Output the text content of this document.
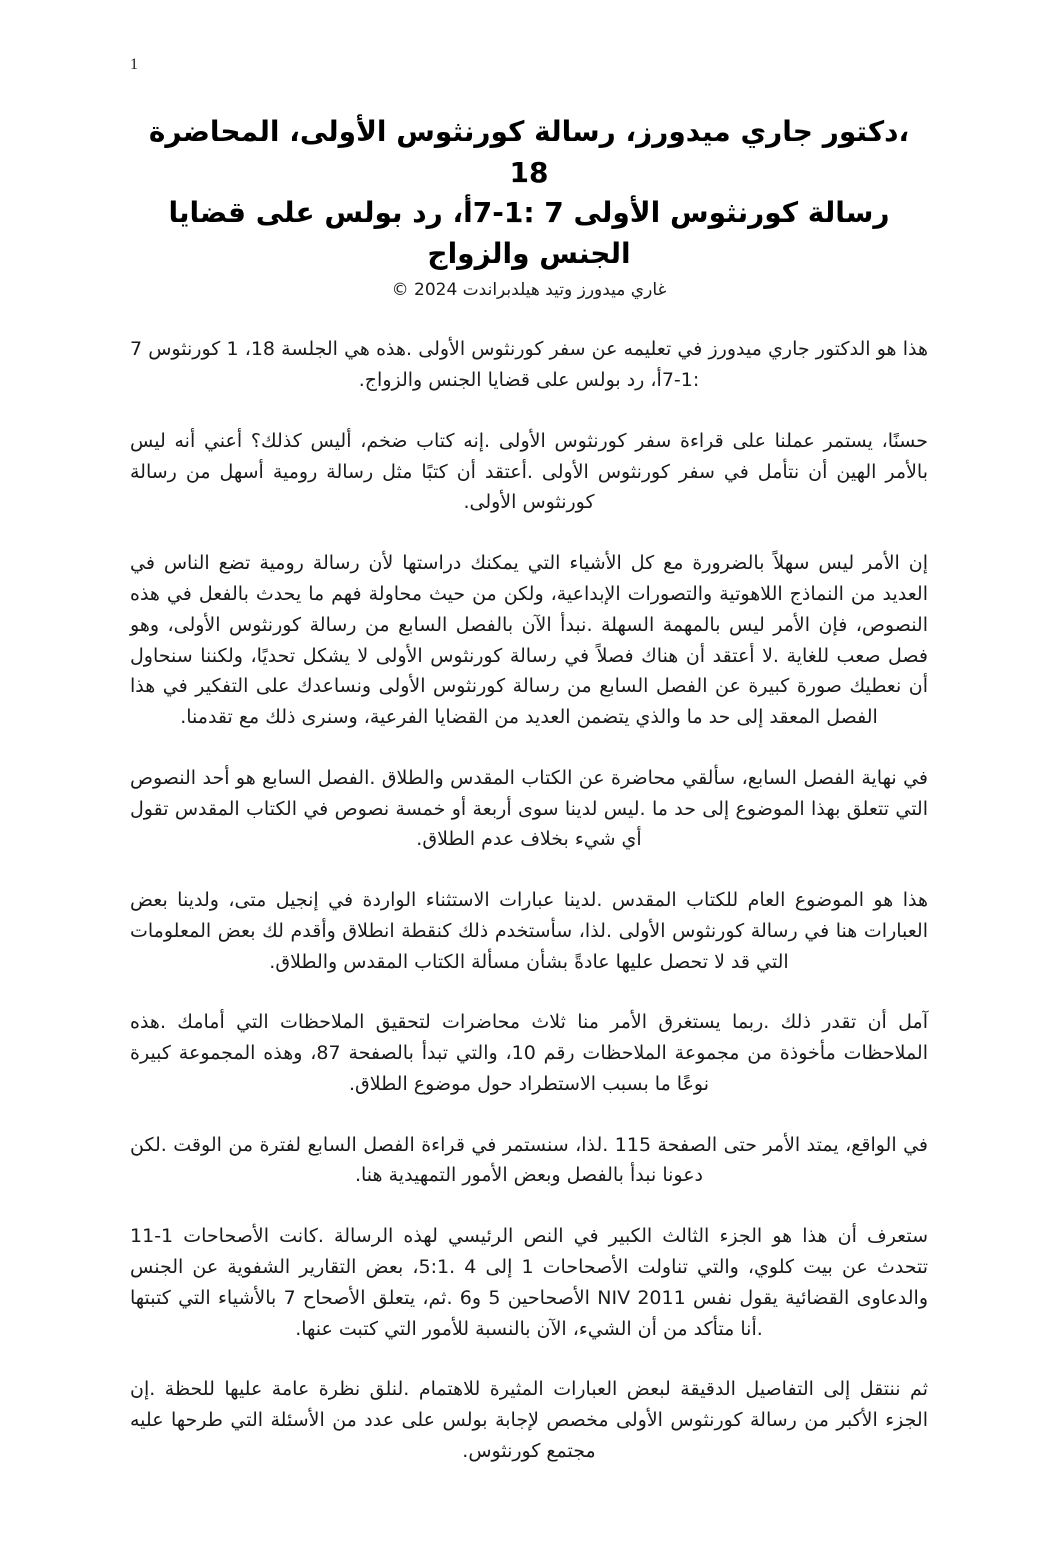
1
،دكتور جاري ميدورز، رسالة كورنثوس الأولى، المحاضرة 18
رسالة كورنثوس الأولى 7 :1-7أ، رد بولس على قضايا
الجنس والزواج
غاري ميدورز وتيد هيلدبراندت 2024 ©

هذا هو الدكتور جاري ميدورز في تعليمه عن سفر كورنثوس الأولى .هذه هي الجلسة 18، 1 كورنثوس 7 :1-7أ، رد بولس على قضايا الجنس والزواج.

حسنًا، يستمر عملنا على قراءة سفر كورنثوس الأولى .إنه كتاب ضخم، أليس كذلك؟ أعني أنه ليس بالأمر الهين أن نتأمل في سفر كورنثوس الأولى .أعتقد أن كتبًا مثل رسالة رومية أسهل من رسالة كورنثوس الأولى.

إن الأمر ليس سهلاً بالضرورة مع كل الأشياء التي يمكنك دراستها لأن رسالة رومية تضع الناس في العديد من النماذج اللاهوتية والتصورات الإبداعية، ولكن من حيث محاولة فهم ما يحدث بالفعل في هذه النصوص، فإن الأمر ليس بالمهمة السهلة .نبدأ الآن بالفصل السابع من رسالة كورنثوس الأولى، وهو فصل صعب للغاية .لا أعتقد أن هناك فصلاً في رسالة كورنثوس الأولى لا يشكل تحديًا، ولكننا سنحاول أن نعطيك صورة كبيرة عن الفصل السابع من رسالة كورنثوس الأولى ونساعدك على التفكير في هذا الفصل المعقد إلى حد ما والذي يتضمن العديد من القضايا الفرعية، وسنرى ذلك مع تقدمنا.

في نهاية الفصل السابع، سألقي محاضرة عن الكتاب المقدس والطلاق .الفصل السابع هو أحد النصوص التي تتعلق بهذا الموضوع إلى حد ما .ليس لدينا سوى أربعة أو خمسة نصوص في الكتاب المقدس تقول أي شيء بخلاف عدم الطلاق.

هذا هو الموضوع العام للكتاب المقدس .لدينا عبارات الاستثناء الواردة في إنجيل متى، ولدينا بعض العبارات هنا في رسالة كورنثوس الأولى .لذا، سأستخدم ذلك كنقطة انطلاق وأقدم لك بعض المعلومات التي قد لا تحصل عليها عادةً بشأن مسألة الكتاب المقدس والطلاق.

آمل أن تقدر ذلك .ربما يستغرق الأمر منا ثلاث محاضرات لتحقيق الملاحظات التي أمامك .هذه الملاحظات مأخوذة من مجموعة الملاحظات رقم 10، والتي تبدأ بالصفحة 87، وهذه المجموعة كبيرة نوعًا ما بسبب الاستطراد حول موضوع الطلاق.

في الواقع، يمتد الأمر حتى الصفحة 115 .لذا، سنستمر في قراءة الفصل السابع لفترة من الوقت .لكن دعونا نبدأ بالفصل وبعض الأمور التمهيدية هنا.

ستعرف أن هذا هو الجزء الثالث الكبير في النص الرئيسي لهذه الرسالة .كانت الأصحاحات 1-11 تتحدث عن بيت كلوي، والتي تناولت الأصحاحات 1 إلى 4 .5:1، بعض التقارير الشفوية عن الجنس والدعاوى القضائية يقول نفس NIV 2011 الأصحاحين 5 و6 .ثم، يتعلق الأصحاح 7 بالأشياء التي كتبتها .أنا متأكد من أن الشيء، الآن بالنسبة للأمور التي كتبت عنها.

ثم ننتقل إلى التفاصيل الدقيقة لبعض العبارات المثيرة للاهتمام .لنلق نظرة عامة عليها للحظة .إن الجزء الأكبر من رسالة كورنثوس الأولى مخصص لإجابة بولس على عدد من الأسئلة التي طرحها عليه مجتمع كورنثوس.
